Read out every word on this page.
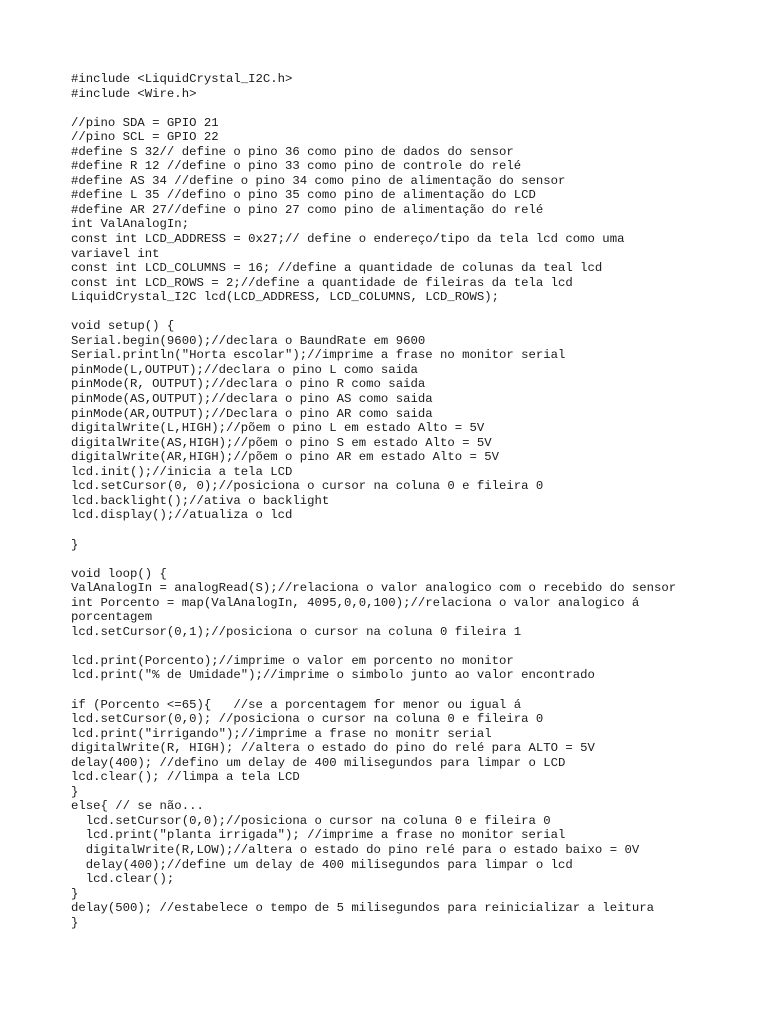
#include <LiquidCrystal_I2C.h>
#include <Wire.h>
//pino SDA = GPIO 21
//pino SCL = GPIO 22
#define S 32// define o pino 36 como pino de dados do sensor
#define R 12 //define o pino 33 como pino de controle do relé
#define AS 34 //define o pino 34 como pino de alimentação do sensor
#define L 35 //defino o pino 35 como pino de alimentação do LCD
#define AR 27//define o pino 27 como pino de alimentação do relé
int ValAnalogIn;
const int LCD_ADDRESS = 0x27;// define o endereço/tipo da tela lcd como uma
variavel int
const int LCD_COLUMNS = 16; //define a quantidade de colunas da teal lcd
const int LCD_ROWS = 2;//define a quantidade de fileiras da tela lcd
LiquidCrystal_I2C lcd(LCD_ADDRESS, LCD_COLUMNS, LCD_ROWS);
void setup() {
Serial.begin(9600);//declara o BaundRate em 9600
Serial.println("Horta escolar");//imprime a frase no monitor serial
pinMode(L,OUTPUT);//declara o pino L como saida
pinMode(R, OUTPUT);//declara o pino R como saida
pinMode(AS,OUTPUT);//declara o pino AS como saida
pinMode(AR,OUTPUT);//Declara o pino AR como saida
digitalWrite(L,HIGH);//põem o pino L em estado Alto = 5V
digitalWrite(AS,HIGH);//põem o pino S em estado Alto = 5V
digitalWrite(AR,HIGH);//põem o pino AR em estado Alto = 5V
lcd.init();//inicia a tela LCD
lcd.setCursor(0, 0);//posiciona o cursor na coluna 0 e fileira 0
lcd.backlight();//ativa o backlight
lcd.display();//atualiza o lcd
}
void loop() {
ValAnalogIn = analogRead(S);//relaciona o valor analogico com o recebido do sensor
int Porcento = map(ValAnalogIn, 4095,0,0,100);//relaciona o valor analogico á
porcentagem
lcd.setCursor(0,1);//posiciona o cursor na coluna 0 fileira 1
lcd.print(Porcento);//imprime o valor em porcento no monitor
lcd.print("% de Umidade");//imprime o simbolo junto ao valor encontrado
if (Porcento <=65){   //se a porcentagem for menor ou igual á
lcd.setCursor(0,0); //posiciona o cursor na coluna 0 e fileira 0
lcd.print("irrigando");//imprime a frase no monitr serial
digitalWrite(R, HIGH); //altera o estado do pino do relé para ALTO = 5V
delay(400); //defino um delay de 400 milisegundos para limpar o LCD
lcd.clear(); //limpa a tela LCD
}
else{ // se não...
lcd.setCursor(0,0);//posiciona o cursor na coluna 0 e fileira 0
lcd.print("planta irrigada"); //imprime a frase no monitor serial
digitalWrite(R,LOW);//altera o estado do pino relé para o estado baixo = 0V
delay(400);//define um delay de 400 milisegundos para limpar o lcd
lcd.clear();
}
delay(500); //estabelece o tempo de 5 milisegundos para reinicializar a leitura
}
